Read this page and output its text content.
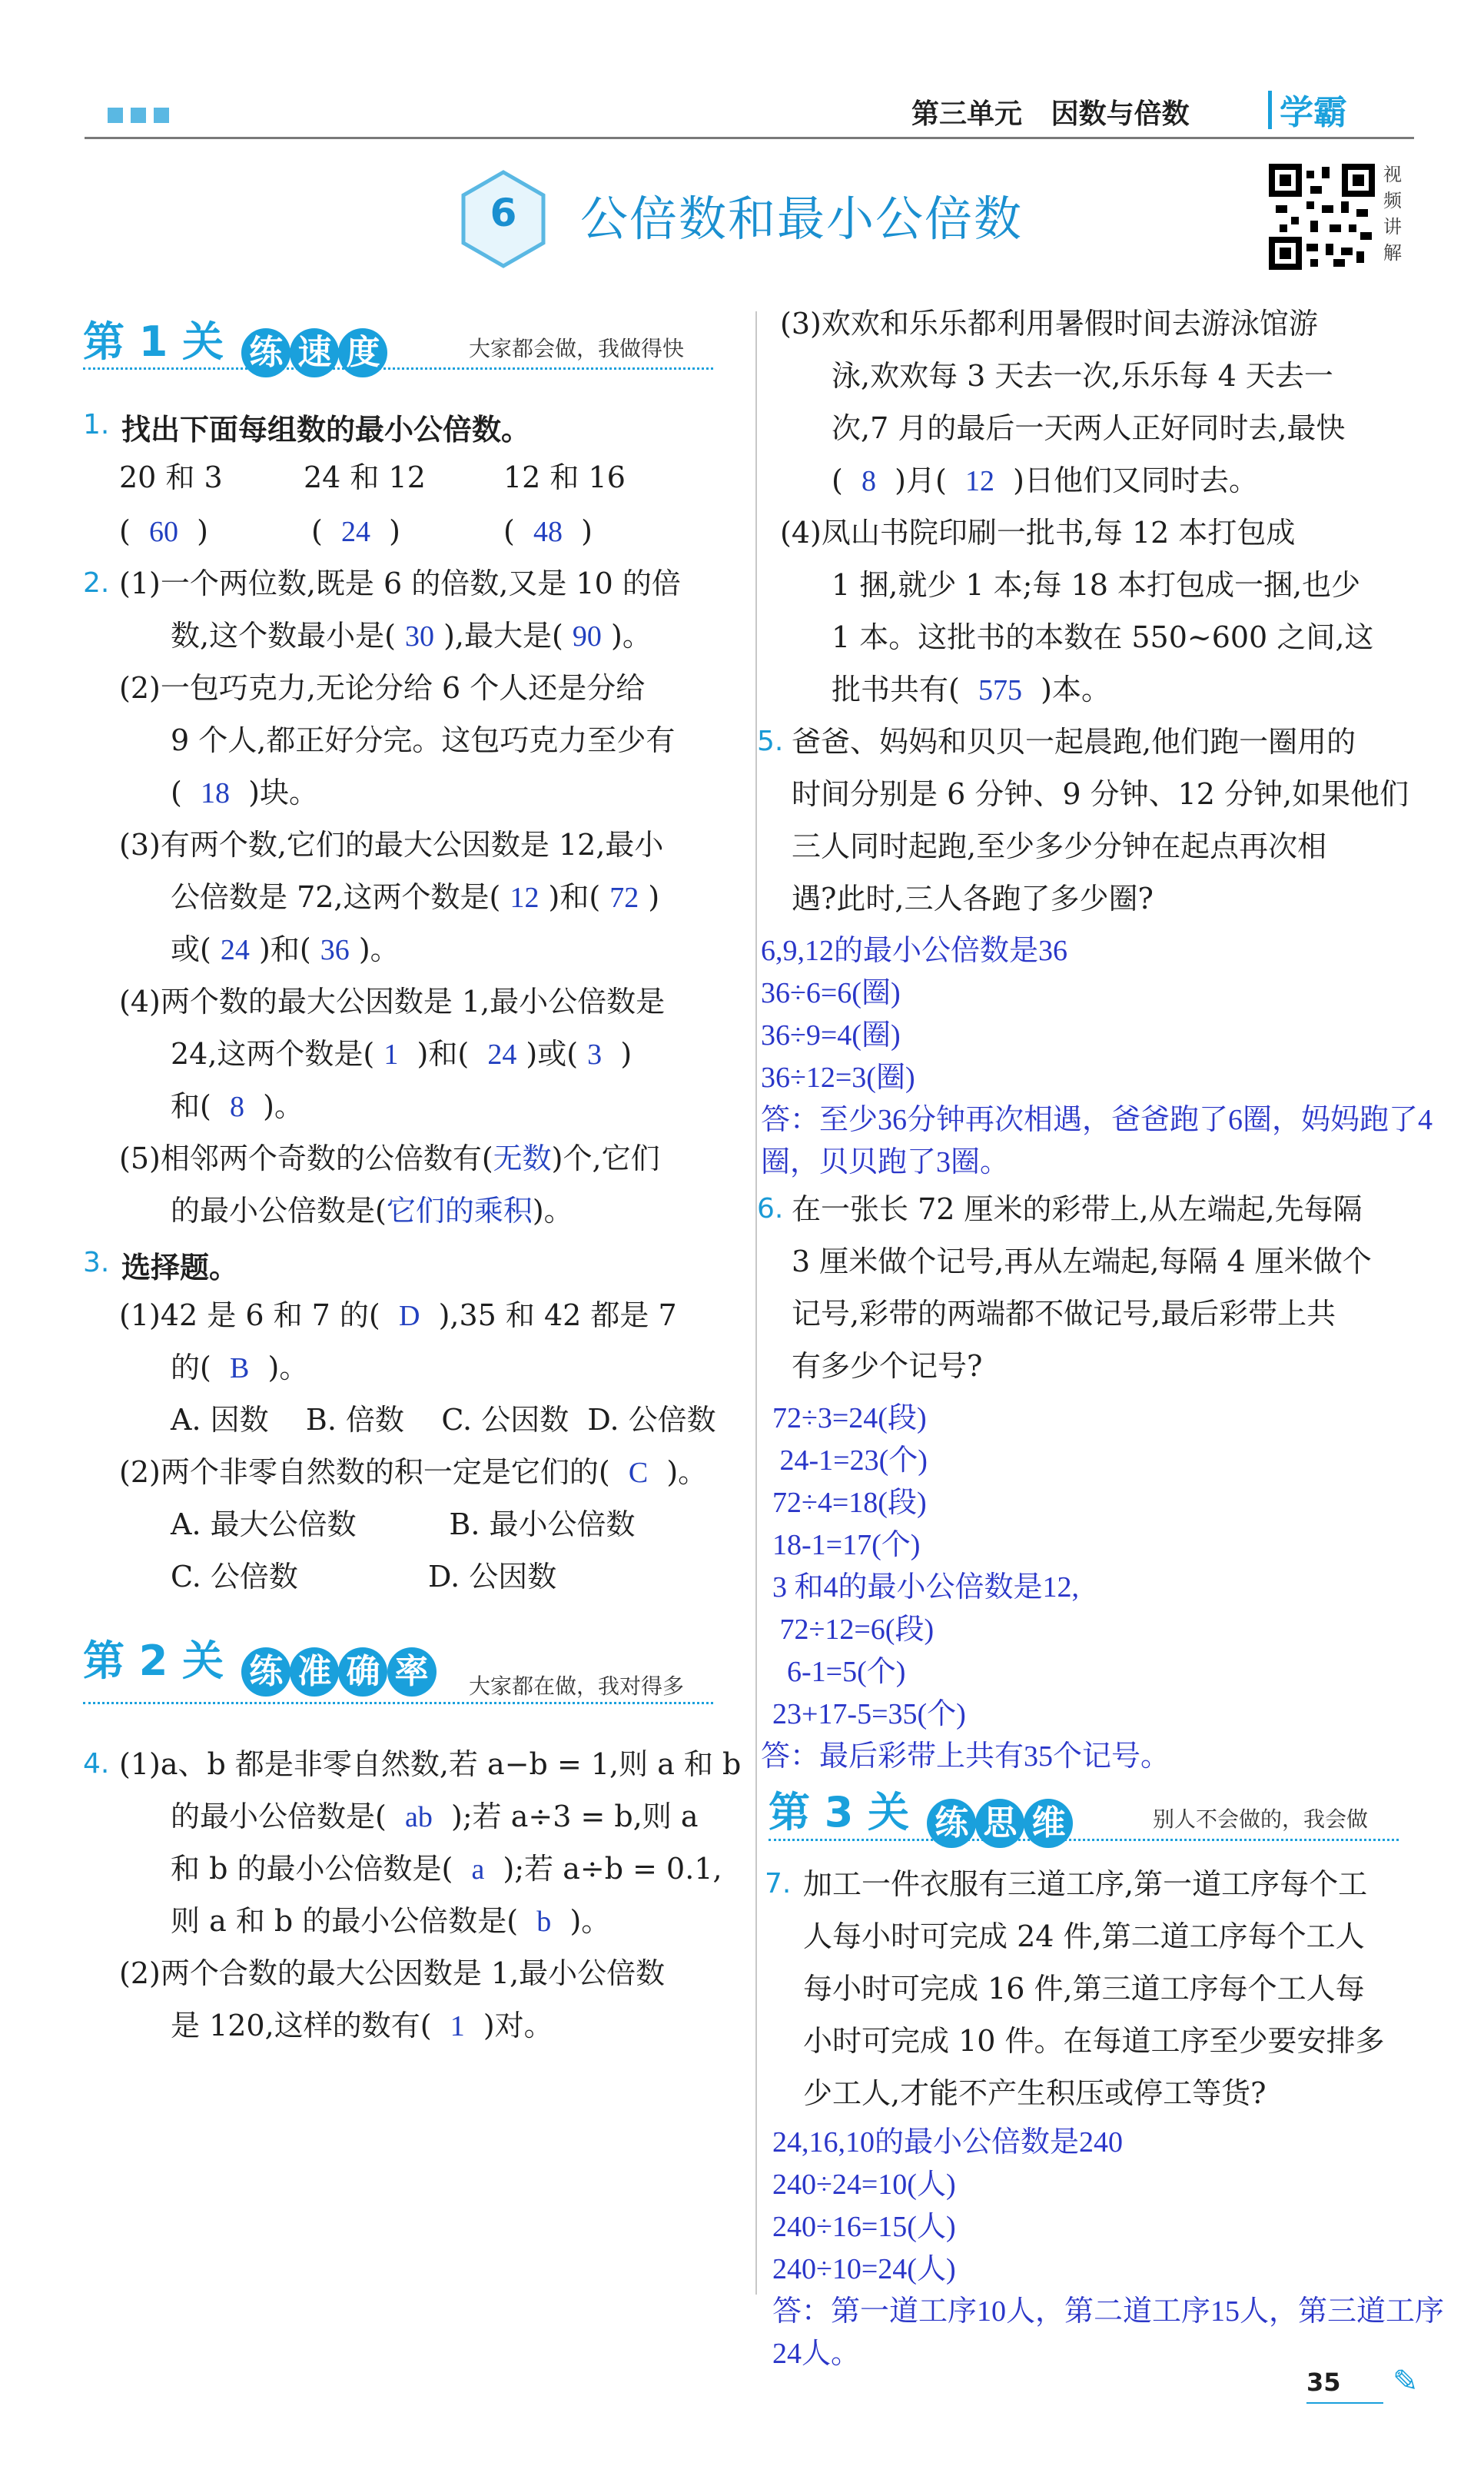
第三单元   因数与倍数	学霸
6 公倍数和最小公倍数
视频讲解
第 1 关 练 速 度	大家都会做，我做得快
1. 找出下面每组数的最小公倍数。
20 和 3	24 和 12	12 和 16
(  60  )	(  24  )	(  48  )
2. (1)一个两位数,既是 6 的倍数,又是 10 的倍
数,这个数最小是( 30 ),最大是( 90 )。
(2)一包巧克力,无论分给 6 个人还是分给
9 个人,都正好分完。这包巧克力至少有
(  18 )块。
(3)有两个数,它们的最大公因数是 12,最小
公倍数是 72,这两个数是( 12 )和( 72 )
或( 24 )和( 36 )。
(4)两个数的最大公因数是 1,最小公倍数是
24,这两个数是( 1  )和(  24 )或( 3  )
和( 8 )。
(5)相邻两个奇数的公倍数有(无数)个,它们
的最小公倍数是(它们的乘积)。
3. 选择题。
(1)42 是 6 和 7 的( D ),35 和 42 都是 7
的( B )。
A. 因数    B. 倍数    C. 公因数  D. 公倍数
(2)两个非零自然数的积一定是它们的( C )。
A. 最大公倍数          B. 最小公倍数
C. 公倍数              D. 公因数
第 2 关 练 准 确 率 大家都在做，我对得多
4. (1)a、b 都是非零自然数,若 a−b = 1,则 a 和 b
的最小公倍数是( ab );若 a÷3 = b,则 a
和 b 的最小公倍数是( a );若 a÷b = 0.1,
则 a 和 b 的最小公倍数是( b )。
(2)两个合数的最大公因数是 1,最小公倍数
是 120,这样的数有( 1 )对。
(3)欢欢和乐乐都利用暑假时间去游泳馆游
泳,欢欢每 3 天去一次,乐乐每 4 天去一
次,7 月的最后一天两人正好同时去,最快
( 8 )月( 12 )日他们又同时去。
(4)凤山书院印刷一批书,每 12 本打包成
1 捆,就少 1 本;每 18 本打包成一捆,也少
1 本。这批书的本数在 550~600 之间,这
批书共有( 575 )本。
5. 爸爸、妈妈和贝贝一起晨跑,他们跑一圈用的
时间分别是 6 分钟、9 分钟、12 分钟,如果他们
三人同时起跑,至少多少分钟在起点再次相
遇?此时,三人各跑了多少圈?
6,9,12的最小公倍数是36
36÷6=6(圈)
36÷9=4(圈)
36÷12=3(圈)
答：至少36分钟再次相遇，爸爸跑了6圈，妈妈跑了4
圈，贝贝跑了3圈。
6. 在一张长 72 厘米的彩带上,从左端起,先每隔
3 厘米做个记号,再从左端起,每隔 4 厘米做个
记号,彩带的两端都不做记号,最后彩带上共
有多少个记号?
72÷3=24(段)
24-1=23(个)
72÷4=18(段)
18-1=17(个)
3 和4的最小公倍数是12,
72÷12=6(段)
6-1=5(个)
23+17-5=35(个)
答：最后彩带上共有35个记号。
第 3 关 练 思 维	别人不会做的，我会做
7. 加工一件衣服有三道工序,第一道工序每个工
人每小时可完成 24 件,第二道工序每个工人
每小时可完成 16 件,第三道工序每个工人每
小时可完成 10 件。在每道工序至少要安排多
少工人,才能不产生积压或停工等货?
24,16,10的最小公倍数是240
240÷24=10(人)
240÷16=15(人)
240÷10=24(人)
答：第一道工序10人，第二道工序15人，第三道工序
24人。
35 ✎
